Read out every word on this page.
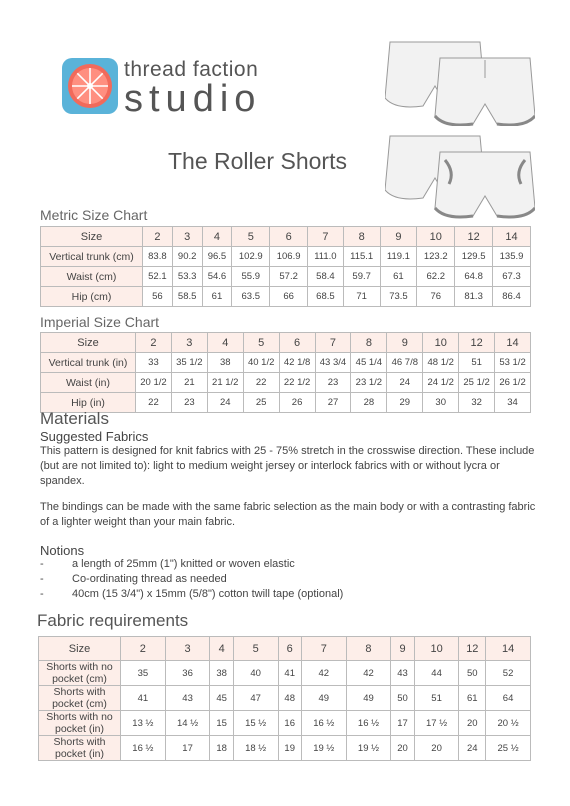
thread faction
studio
The Roller Shorts
Metric Size Chart
Size	2	3	4	5	6	7	8	9	10	12	14
Vertical trunk (cm)	83.8	90.2	96.5	102.9	106.9	111.0	115.1	119.1	123.2	129.5	135.9
Waist (cm)	52.1	53.3	54.6	55.9	57.2	58.4	59.7	61	62.2	64.8	67.3
Hip (cm)	56	58.5	61	63.5	66	68.5	71	73.5	76	81.3	86.4
Imperial Size Chart
Size	2	3	4	5	6	7	8	9	10	12	14
Vertical trunk (in)	33	35 1/2	38	40 1/2	42 1/8	43 3/4	45 1/4	46 7/8	48 1/2	51	53 1/2
Waist (in)	20 1/2	21	21 1/2	22	22 1/2	23	23 1/2	24	24 1/2	25 1/2	26 1/2
Hip (in)	22	23	24	25	26	27	28	29	30	32	34
Materials
Suggested Fabrics
This pattern is designed for knit fabrics with 25 - 75% stretch in the crosswise direction. These include (but are not limited to): light to medium weight jersey or interlock fabrics with or without lycra or spandex.
The bindings can be made with the same fabric selection as the main body or with a contrasting fabric of a lighter weight than your main fabric.
Notions
-	a length of 25mm (1") knitted or woven elastic
-	Co-ordinating thread as needed
-	40cm (15 3/4") x 15mm (5/8") cotton twill tape (optional)
Fabric requirements
Size	2	3	4	5	6	7	8	9	10	12	14
Shorts with no pocket (cm)	35	36	38	40	41	42	42	43	44	50	52
Shorts with pocket (cm)	41	43	45	47	48	49	49	50	51	61	64
Shorts with no pocket (in)	13 ½	14 ½	15	15 ½	16	16 ½	16 ½	17	17 ½	20	20 ½
Shorts with pocket (in)	16 ½	17	18	18 ½	19	19 ½	19 ½	20	20	24	25 ½
